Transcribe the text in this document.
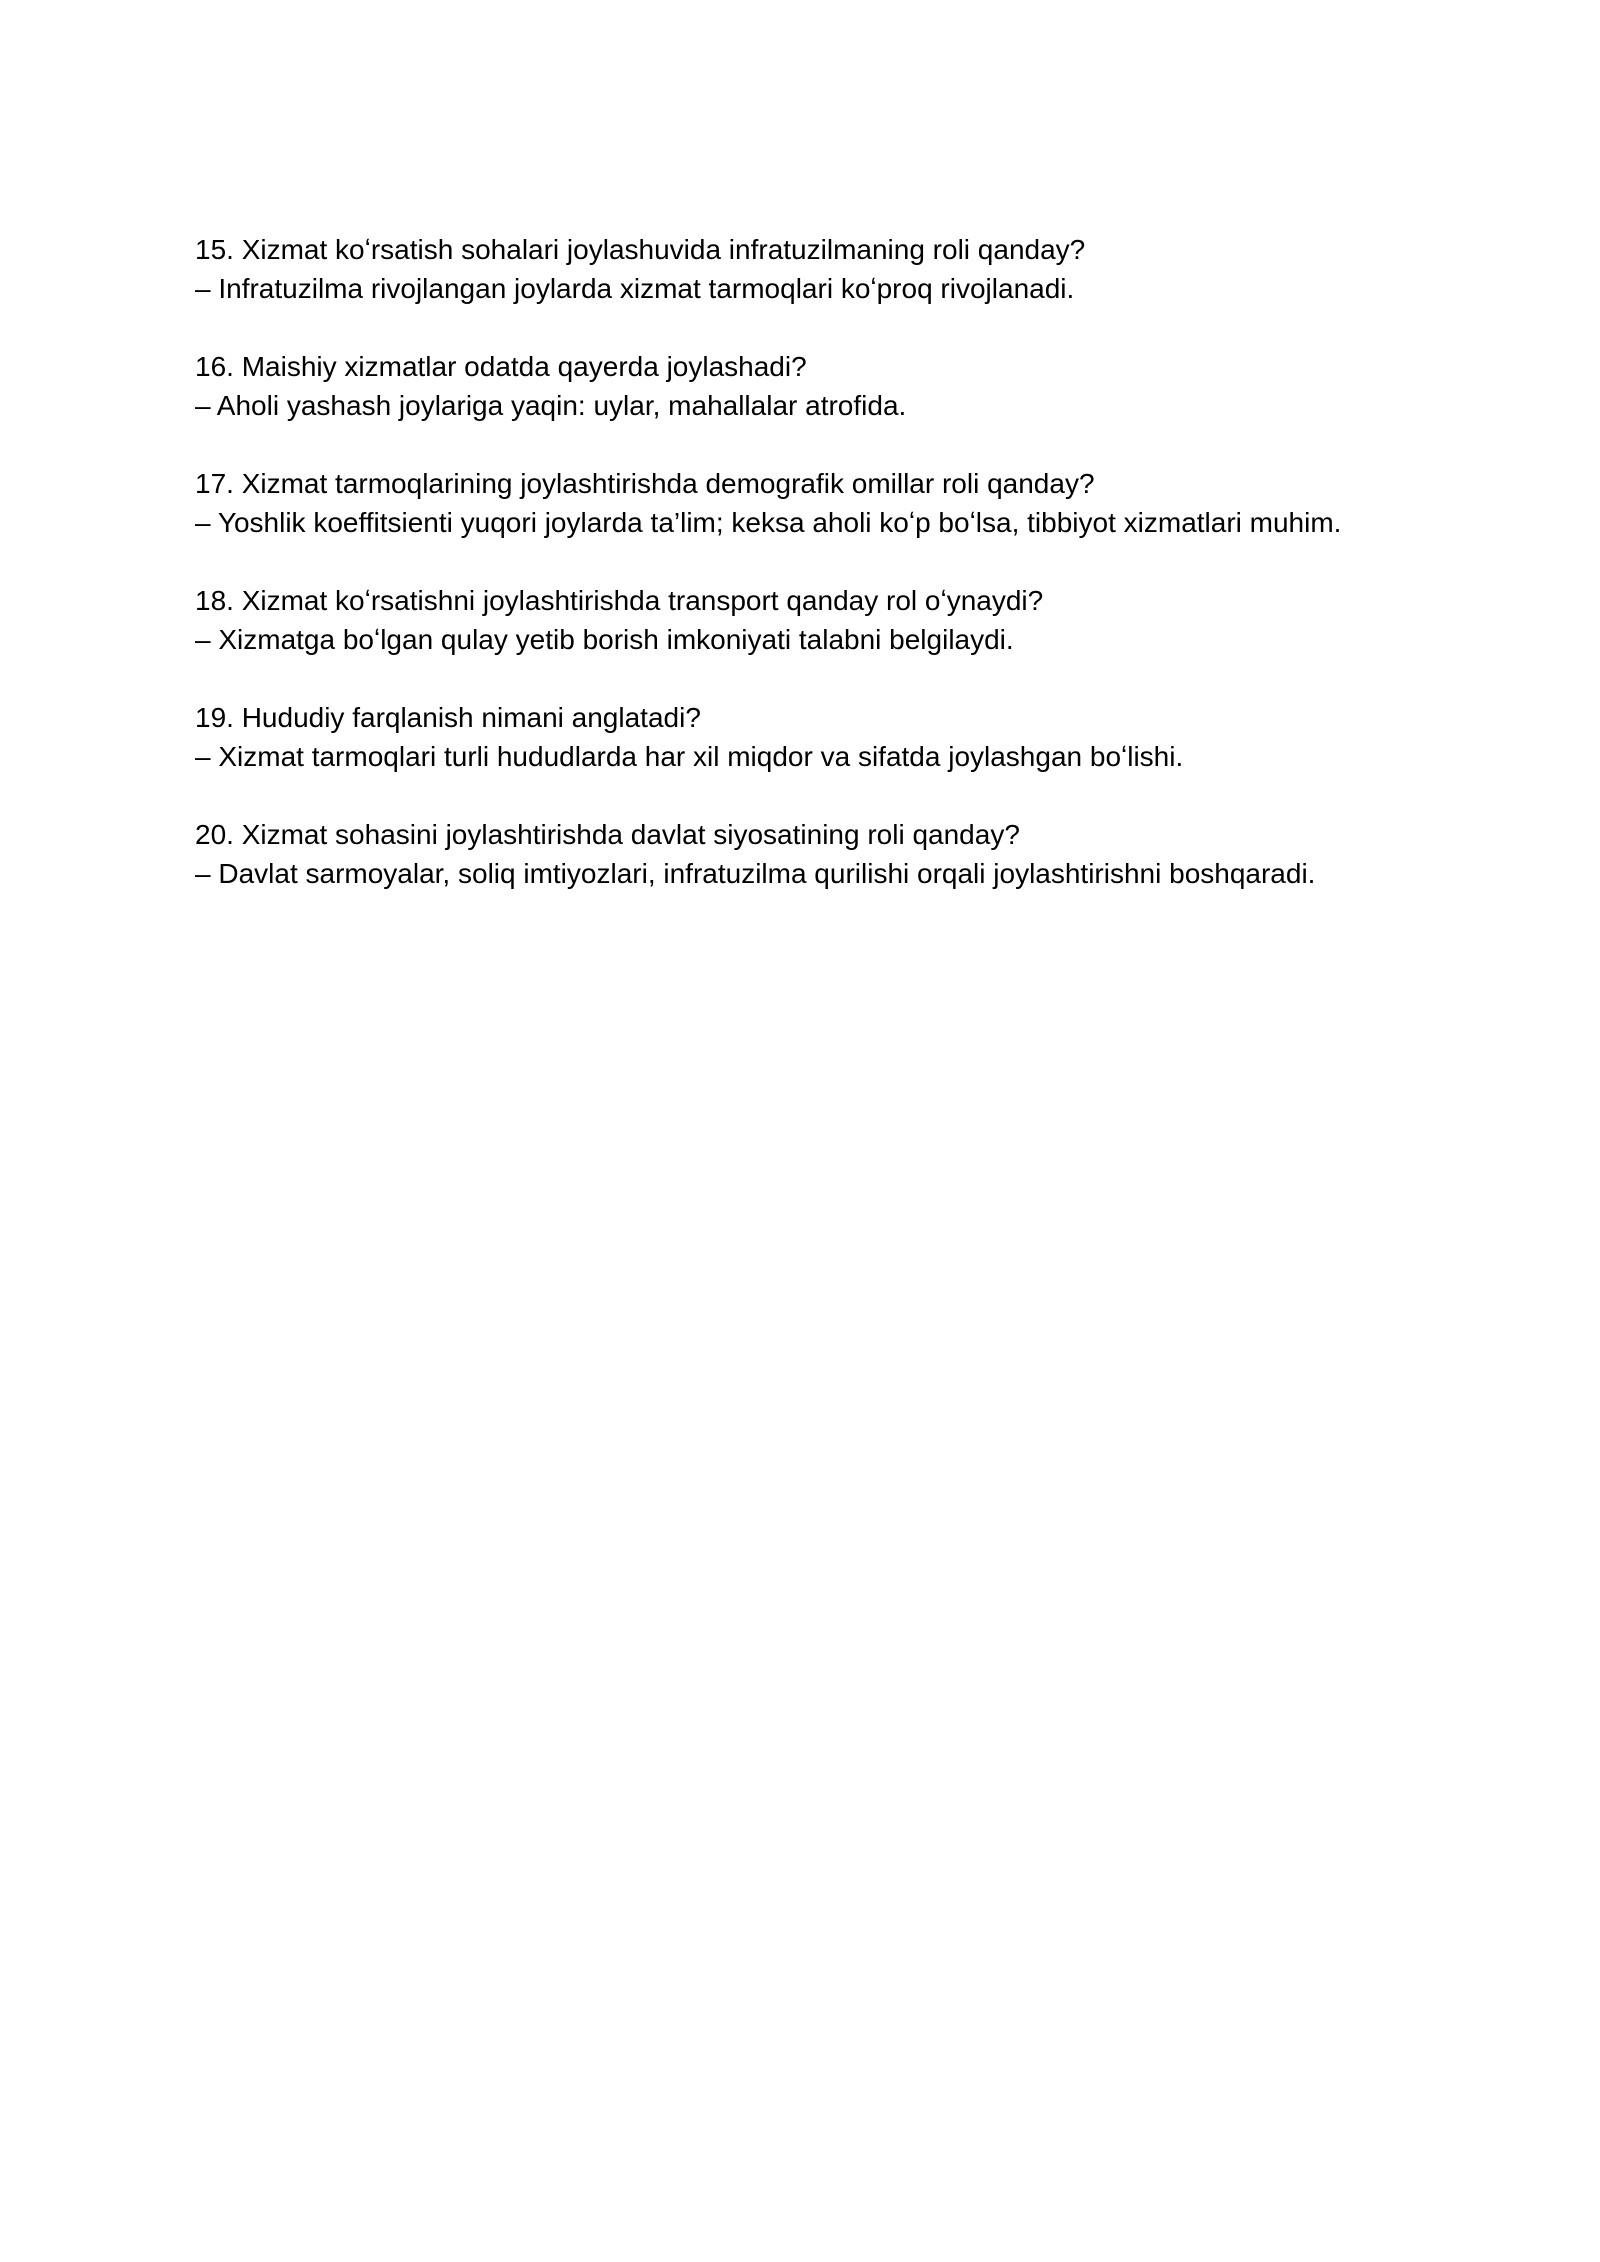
15. Xizmat koʻrsatish sohalari joylashuvida infratuzilmaning roli qanday?

– Infratuzilma rivojlangan joylarda xizmat tarmoqlari koʻproq rivojlanadi.

16. Maishiy xizmatlar odatda qayerda joylashadi?

– Aholi yashash joylariga yaqin: uylar, mahallalar atrofida.

17. Xizmat tarmoqlarining joylashtirishda demografik omillar roli qanday?

– Yoshlik koeffitsienti yuqori joylarda ta’lim; keksa aholi koʻp boʻlsa, tibbiyot xizmatlari muhim.

18. Xizmat koʻrsatishni joylashtirishda transport qanday rol oʻynaydi?

– Xizmatga boʻlgan qulay yetib borish imkoniyati talabni belgilaydi.

19. Hududiy farqlanish nimani anglatadi?

– Xizmat tarmoqlari turli hududlarda har xil miqdor va sifatda joylashgan boʻlishi.

20. Xizmat sohasini joylashtirishda davlat siyosatining roli qanday?

– Davlat sarmoyalar, soliq imtiyozlari, infratuzilma qurilishi orqali joylashtirishni boshqaradi.
